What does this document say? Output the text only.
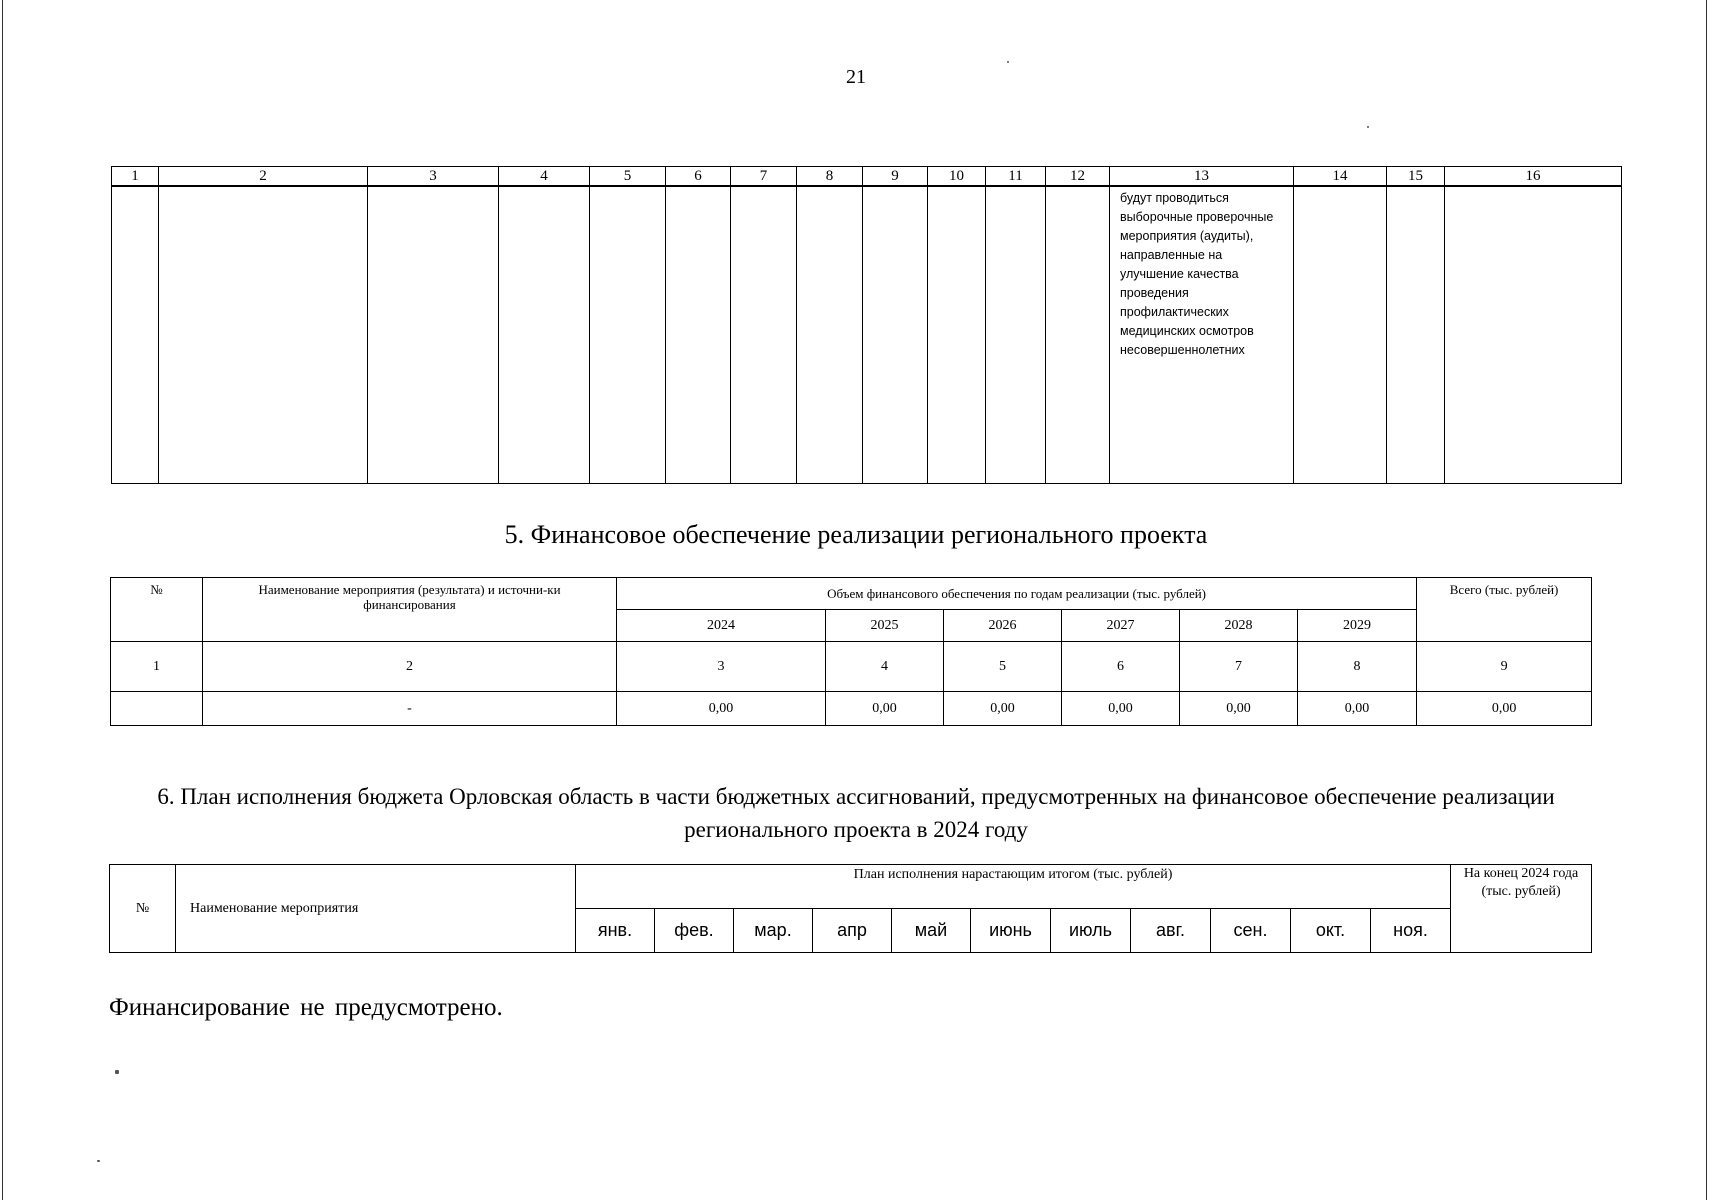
21
1	2	3	4	5	6	7	8	9	10	11	12	13	14	15	16

												будут проводиться выборочные проверочные мероприятия (аудиты), направленные на улучшение качества проведения профилактических медицинских осмотров несовершеннолетних			

5. Финансовое обеспечение реализации регионального проекта
№	Наименование мероприятия (результата) и источни-ки финансирования	Объем финансового обеспечения по годам реализации (тыс. рублей)						Всего (тыс. рублей)
		2024	2025	2026	2027	2028	2029	
1	2	3	4	5	6	7	8	9
	-	0,00	0,00	0,00	0,00	0,00	0,00	0,00
6. План исполнения бюджета Орловская область в части бюджетных ассигнований, предусмотренных на финансовое обеспечение реализации регионального проекта в 2024 году
№	Наименование мероприятия	План исполнения нарастающим итогом (тыс. рублей)											На конец 2024 года (тыс. рублей)
		янв.	фев.	мар.	апр	май	июнь	июль	авг.	сен.	окт.	ноя.	
Финансирование не предусмотрено.
